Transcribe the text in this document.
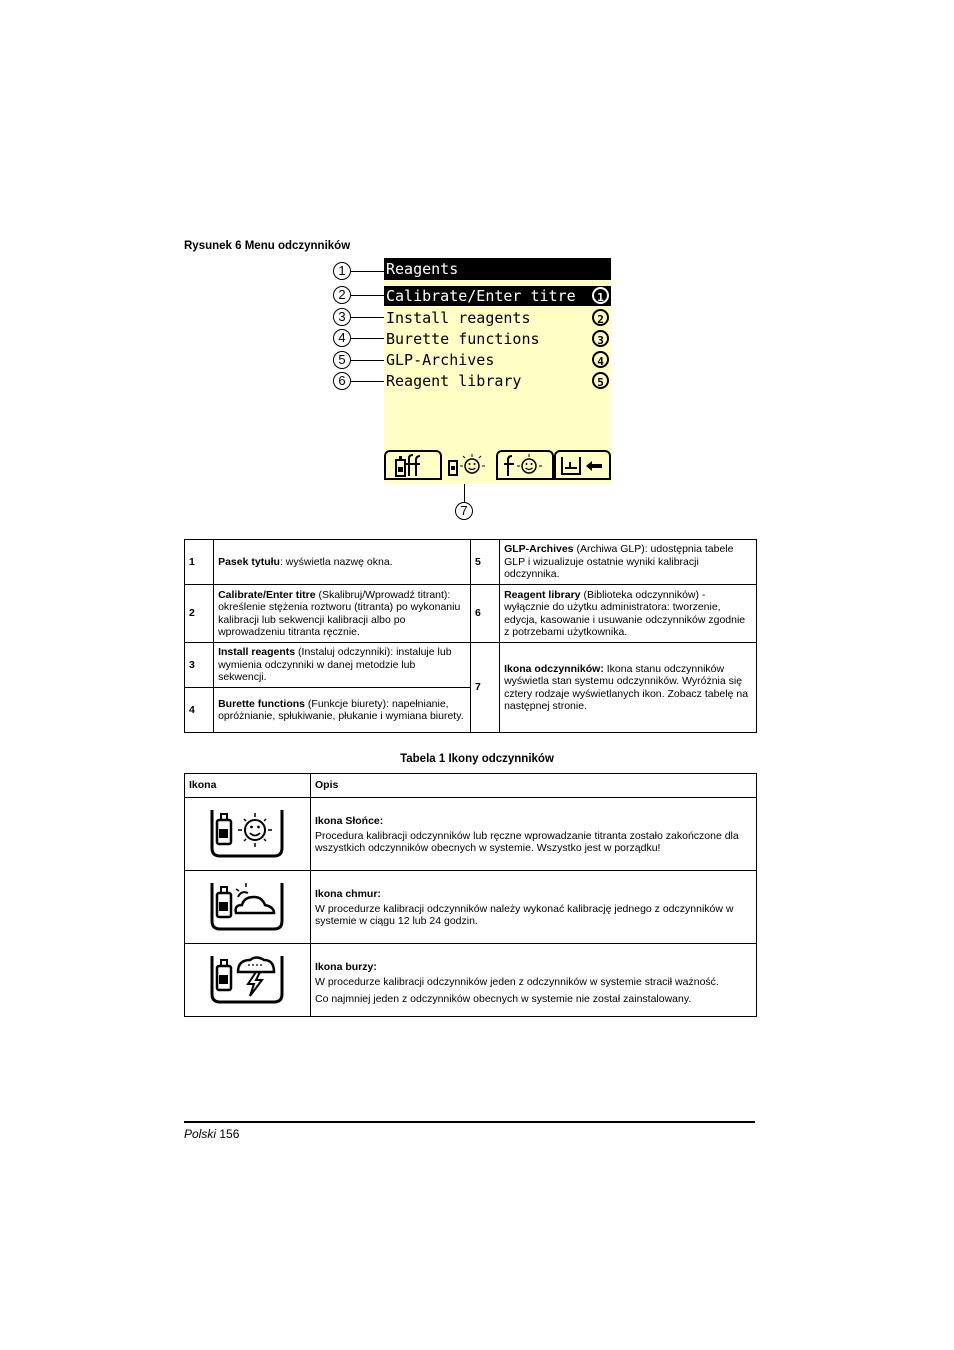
Rysunek 6 Menu odczynników
1
2
3
4
5
6
Reagents
Calibrate/Enter titre	1
Install reagents	2
Burette functions	3
GLP-Archives	4
Reagent library	5
7
1	Pasek tytułu: wyświetla nazwę okna.	5	GLP-Archives (Archiwa GLP): udostępnia tabele GLP i wizualizuje ostatnie wyniki kalibracji odczynnika.
2	Calibrate/Enter titre (Skalibruj/Wprowadź titrant): określenie stężenia roztworu (titranta) po wykonaniu kalibracji lub sekwencji kalibracji albo po wprowadzeniu titranta ręcznie.	6	Reagent library (Biblioteka odczynników) - wyłącznie do użytku administratora: tworzenie, edycja, kasowanie i usuwanie odczynników zgodnie z potrzebami użytkownika.
3	Install reagents (Instaluj odczynniki): instaluje lub wymienia odczynniki w danej metodzie lub sekwencji.	7	Ikona odczynników: Ikona stanu odczynników wyświetla stan systemu odczynników. Wyróżnia się cztery rodzaje wyświetlanych ikon. Zobacz tabelę na następnej stronie.
4	Burette functions (Funkcje biurety): napełnianie, opróżnianie, spłukiwanie, płukanie i wymiana biurety.		
Tabela 1 Ikony odczynników
Ikona	Opis

Ikona Słońce:

Procedura kalibracji odczynników lub ręczne wprowadzanie titranta zostało zakończone dla wszystkich odczynników obecnych w systemie. Wszystko jest w porządku!

Ikona chmur:

W procedurze kalibracji odczynników należy wykonać kalibrację jednego z odczynników w systemie w ciągu 12 lub 24 godzin.

Ikona burzy:

W procedurze kalibracji odczynników jeden z odczynników w systemie stracił ważność.

Co najmniej jeden z odczynników obecnych w systemie nie został zainstalowany.

Polski 156
